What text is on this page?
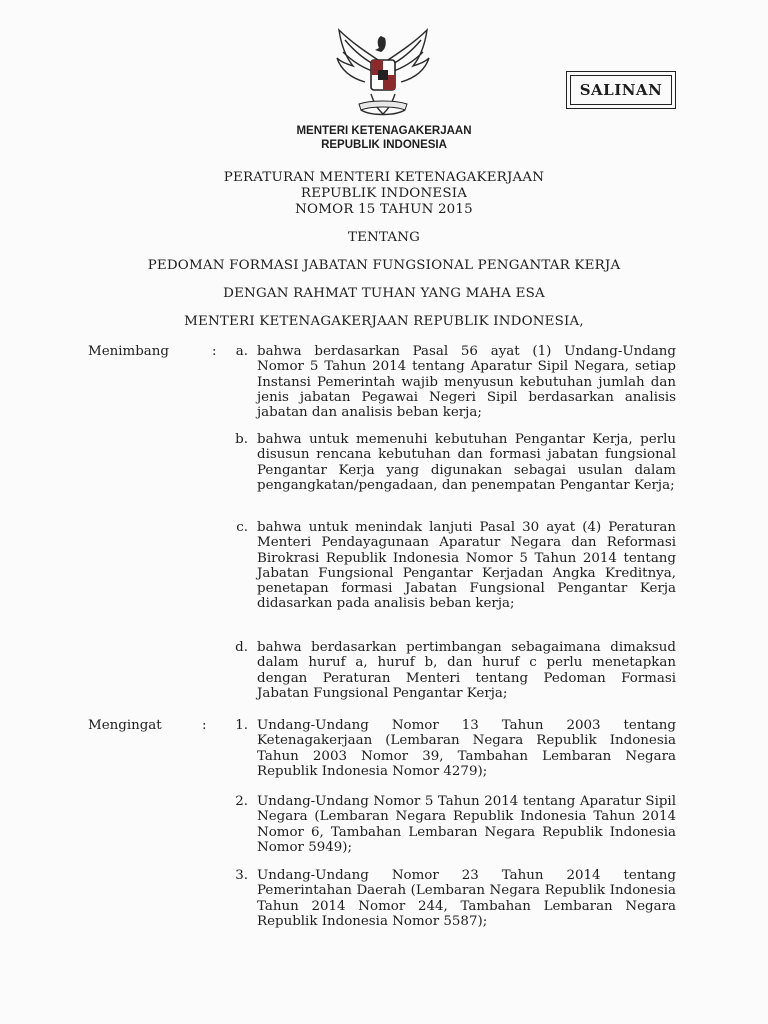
SALINAN
MENTERI KETENAGAKERJAAN
REPUBLIK INDONESIA
PERATURAN MENTERI KETENAGAKERJAAN
REPUBLIK INDONESIA
NOMOR 15 TAHUN 2015
TENTANG
PEDOMAN FORMASI JABATAN FUNGSIONAL PENGANTAR KERJA
DENGAN RAHMAT TUHAN YANG MAHA ESA
MENTERI KETENAGAKERJAAN REPUBLIK INDONESIA,
Menimbang	:	a. bahwa berdasarkan Pasal 56 ayat (1) Undang-Undang Nomor 5 Tahun 2014 tentang Aparatur Sipil Negara, setiap Instansi Pemerintah wajib menyusun kebutuhan jumlah dan jenis jabatan Pegawai Negeri Sipil berdasarkan analisis jabatan dan analisis beban kerja;
b. bahwa untuk memenuhi kebutuhan Pengantar Kerja, perlu disusun rencana kebutuhan dan formasi jabatan fungsional Pengantar Kerja yang digunakan sebagai usulan dalam pengangkatan/pengadaan, dan penempatan Pengantar Kerja;
c. bahwa untuk menindak lanjuti Pasal 30 ayat (4) Peraturan Menteri Pendayagunaan Aparatur Negara dan Reformasi Birokrasi Republik Indonesia Nomor 5 Tahun 2014 tentang Jabatan Fungsional Pengantar Kerjadan Angka Kreditnya, penetapan formasi Jabatan Fungsional Pengantar Kerja didasarkan pada analisis beban kerja;
d. bahwa berdasarkan pertimbangan sebagaimana dimaksud dalam huruf a, huruf b, dan huruf c perlu menetapkan dengan Peraturan Menteri tentang Pedoman Formasi Jabatan Fungsional Pengantar Kerja;
Mengingat	:	1. Undang-Undang Nomor 13 Tahun 2003 tentang Ketenagakerjaan (Lembaran Negara Republik Indonesia Tahun 2003 Nomor 39, Tambahan Lembaran Negara Republik Indonesia Nomor 4279);
2. Undang-Undang Nomor 5 Tahun 2014 tentang Aparatur Sipil Negara (Lembaran Negara Republik Indonesia Tahun 2014 Nomor 6, Tambahan Lembaran Negara Republik Indonesia Nomor 5949);
3. Undang-Undang Nomor 23 Tahun 2014 tentang Pemerintahan Daerah (Lembaran Negara Republik Indonesia Tahun 2014 Nomor 244, Tambahan Lembaran Negara Republik Indonesia Nomor 5587);
